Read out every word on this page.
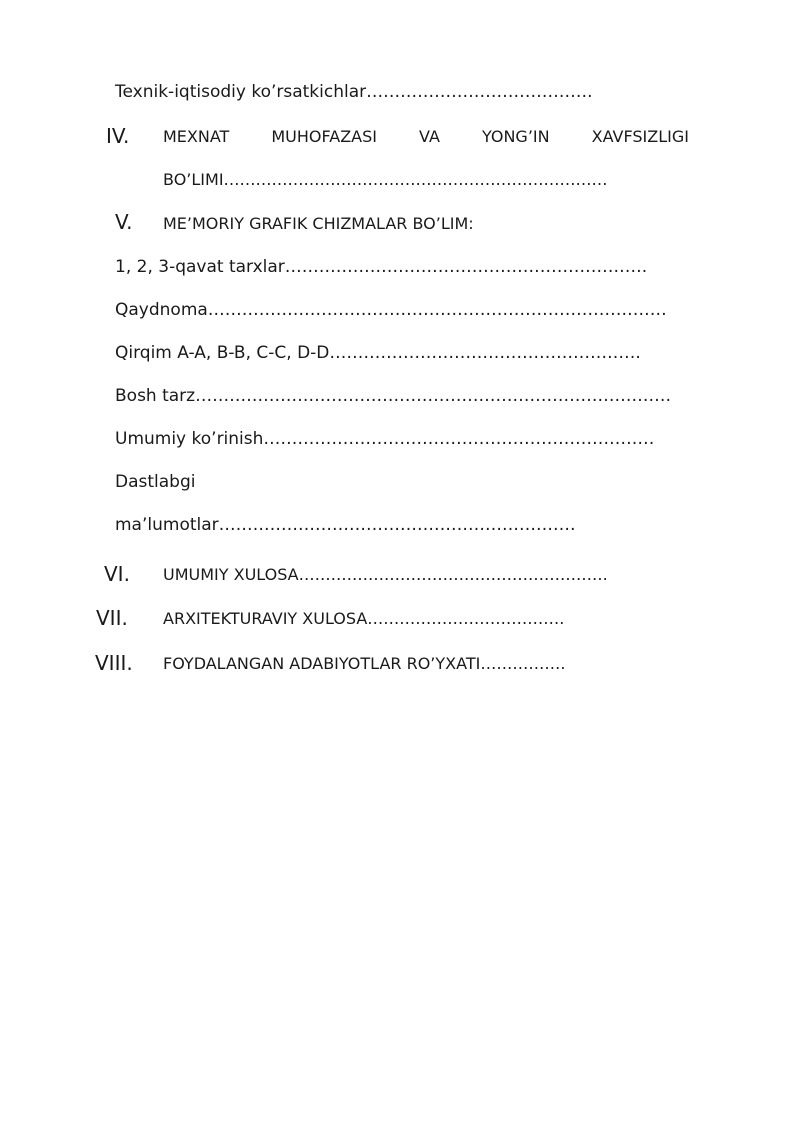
Texnik-iqtisodiy ko’rsatkichlar………………………………….
IV. MEXNAT	MUHOFAZASI	VA	YONG’IN	XAVFSIZLIGI
BO’LIMI………………………………………………………………
V. ME’MORIY GRAFIK CHIZMALAR BO’LIM:
1, 2, 3-qavat tarxlar……………………………………………………….
Qaydnoma………………………………………………………………………
Qirqim A-A, B-B, C-C, D-D……………………………………………….
Bosh tarz…………………………………………………………………………
Umumiy ko’rinish……………………………………………………………
Dastlabgi
ma’lumotlar………………………………………………………
VI. UMUMIY XULOSA………………………………………………….
VII. ARXITEKTURAVIY XULOSA……………………………….
VIII. FOYDALANGAN ADABIYOTLAR RO’YXATI…………….
